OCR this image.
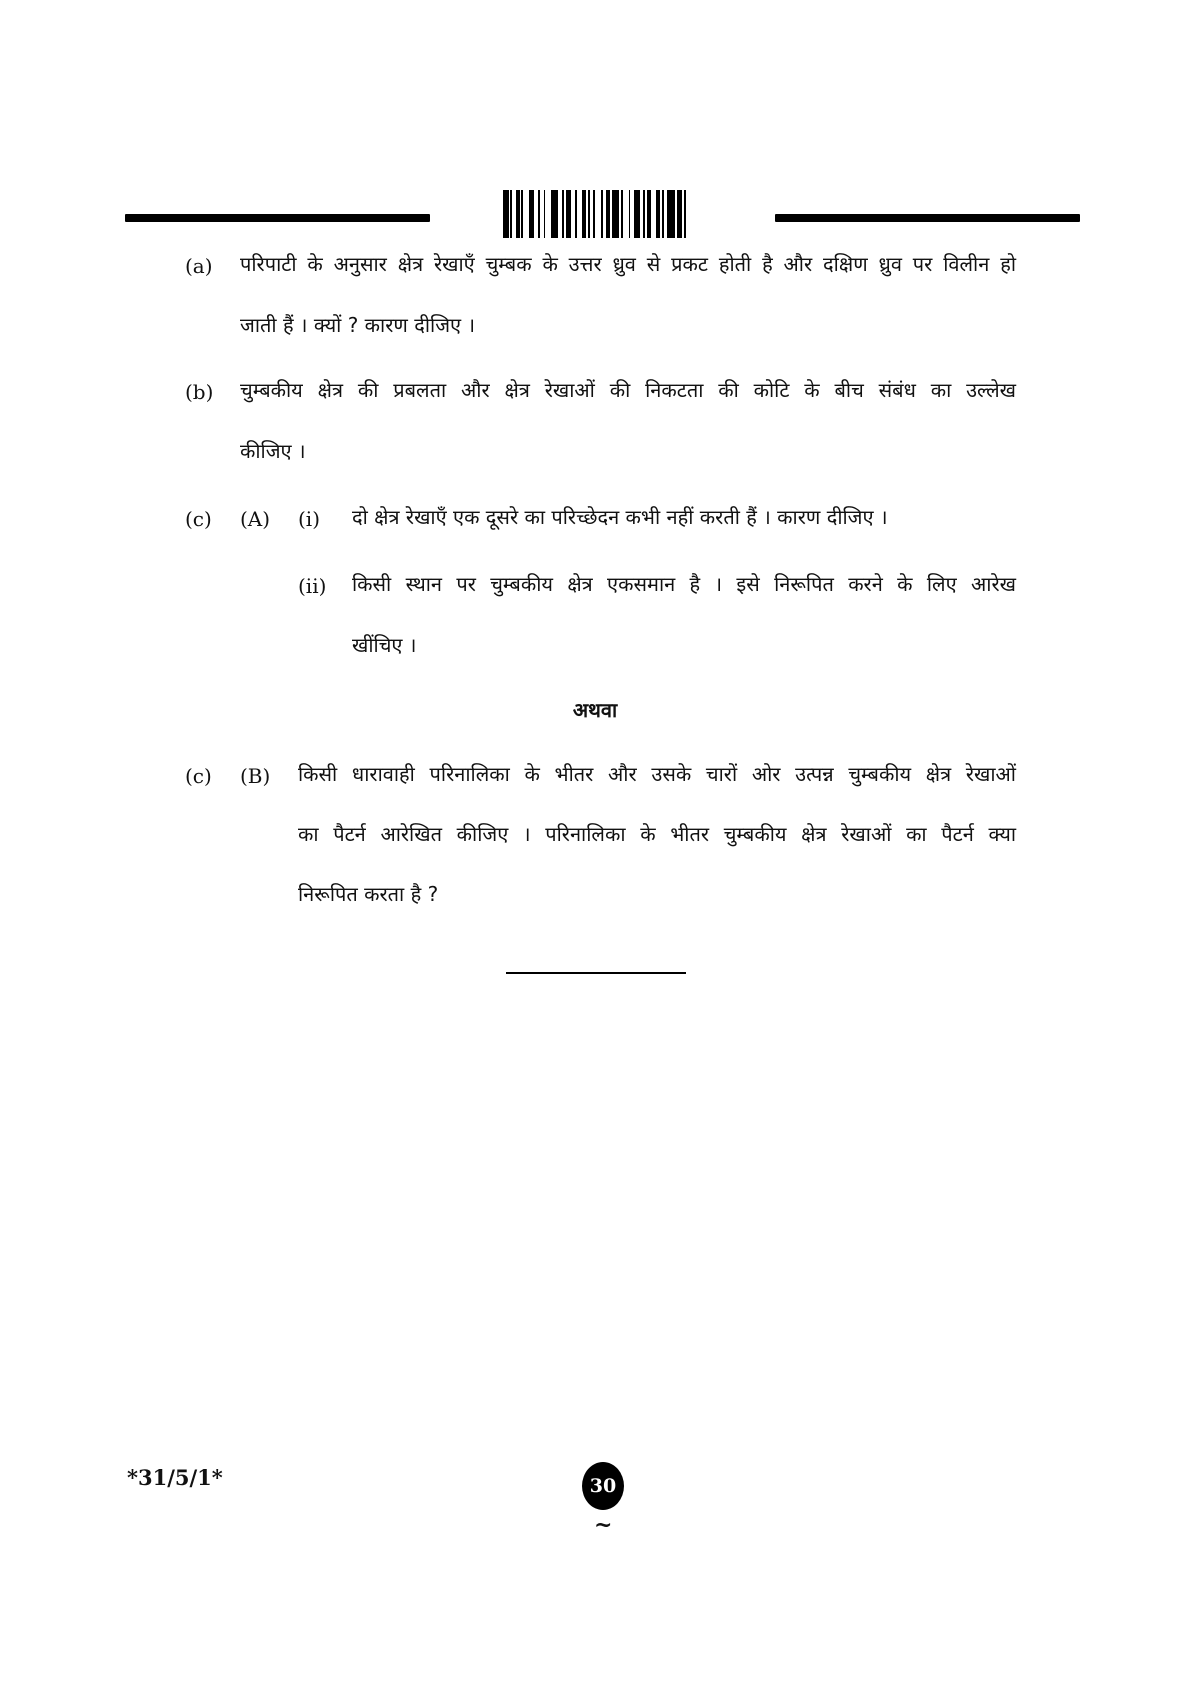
(a) परिपाटी के अनुसार क्षेत्र रेखाएँ चुम्बक के उत्तर ध्रुव से प्रकट होती है और दक्षिण ध्रुव पर विलीन हो
जाती हैं । क्यों ? कारण दीजिए ।
(b) चुम्बकीय क्षेत्र की प्रबलता और क्षेत्र रेखाओं की निकटता की कोटि के बीच संबंध का उल्लेख
कीजिए ।
(c) (A) (i) दो क्षेत्र रेखाएँ एक दूसरे का परिच्छेदन कभी नहीं करती हैं । कारण दीजिए ।
(ii) किसी स्थान पर चुम्बकीय क्षेत्र एकसमान है । इसे निरूपित करने के लिए आरेख
खींचिए ।
अथवा
(c) (B) किसी धारावाही परिनालिका के भीतर और उसके चारों ओर उत्पन्न चुम्बकीय क्षेत्र रेखाओं
का पैटर्न आरेखित कीजिए । परिनालिका के भीतर चुम्बकीय क्षेत्र रेखाओं का पैटर्न क्या
निरूपित करता है ?
*31/5/1*	30
~
